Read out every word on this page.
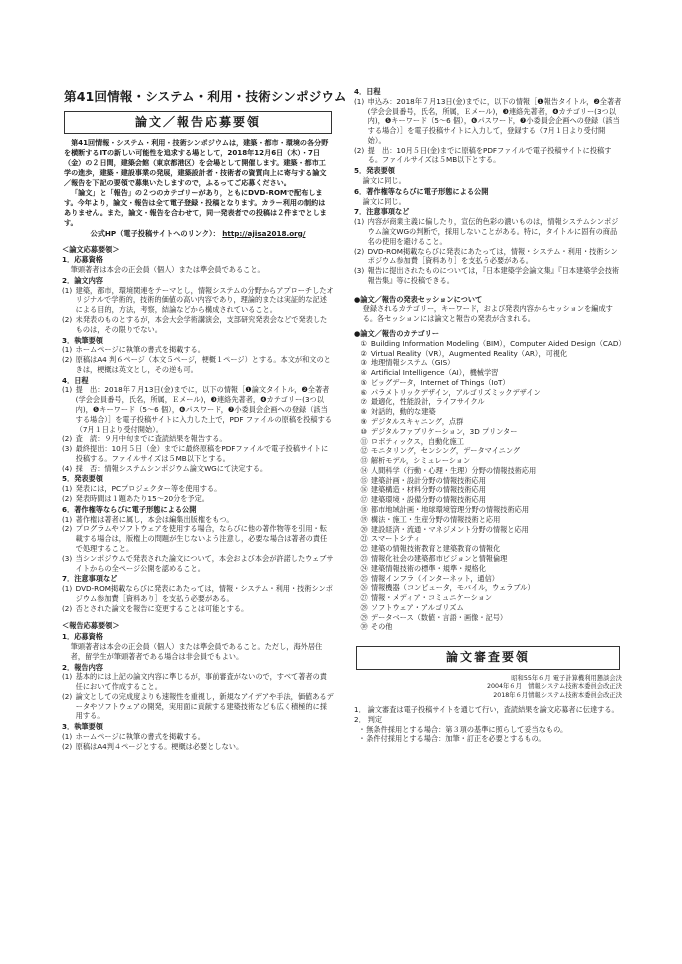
第41回情報・システム・利用・技術シンポジウム
論文／報告応募要領

第41回情報・システム・利用・技術シンポジウムは，建築・都市・環境の各分野を横断するITの新しい可能性を追求する場として，2018年12月6日（木）・7日（金）の２日間，建築会館（東京都港区）を会場として開催します。建築・都市工学の進歩，建築・建設事業の発展，建築設計者・技術者の資質向上に寄与する論文／報告を下記の要領で募集いたしますので，ふるってご応募ください。

「論文」と「報告」の２つのカテゴリーがあり，ともにDVD-ROMで配布します。今年より，論文・報告は全て電子登録・投稿となります。カラー利用の制約はありません。また，論文・報告を合わせて，同一発表者での投稿は２件までとします。

公式HP（電子投稿サイトへのリンク）： http://ajisa2018.org/
＜論文応募要領＞
1．応募資格
筆頭著者は本会の正会員（個人）または準会員であること。
2．論文内容
(1) 建築，都市，環境関連をテーマとし，情報システムの分野からアプローチしたオリジナルで学術的，技術的価値の高い内容であり，理論的または実証的な記述による目的，方法，考察，結論などから構成されていること。
(2) 未発表のものとするが，本会大会学術講演会，支部研究発表会などで発表したものは，その限りでない。
3．執筆要領
(1) ホームページに執筆の書式を掲載する。
(2) 原稿はA4 判６ページ（本文５ページ，梗概１ページ）とする。本文が和文のときは，梗概は英文とし，その逆も可。
4．日程
(1) 提　出：2018年７月13日(金)までに，以下の情報［❶論文タイトル，❷全著者(学会会員番号，氏名，所属，Ｅメール)，❸連絡先著者，❹カテゴリー(3つ以内)，❺キーワード（5～6 個），❻パスワード，❼小委員会企画への登録（該当する場合）］を電子投稿サイトに入力した上で，PDF ファイルの原稿を投稿する（7月１日より受付開始）。
(2) 査　読：９月中旬までに査読結果を報告する。
(3) 最終提出：10月５日（金）までに最終原稿をPDFファイルで電子投稿サイトに投稿する。ファイルサイズは５MB以下とする。
(4) 採　否：情報システムシンポジウム論文WGにて決定する。
5．発表要領
(1) 発表には，PCプロジェクター等を使用する。
(2) 発表時間は１題あたり15～20分を予定。
6．著作権等ならびに電子形態による公開
(1) 著作権は著者に属し，本会は編集出版権をもつ。
(2) プログラムやソフトウェアを使用する場合，ならびに他の著作物等を引用・転載する場合は，版権上の問題が生じないよう注意し，必要な場合は著者の責任で処理すること。
(3) 当シンポジウムで発表された論文について，本会および本会が許諾したウェブサイトからの全ページ公開を認めること。
7．注意事項など
(1) DVD-ROM掲載ならびに発表にあたっては，情報・システム・利用・技術シンポジウム参加費［資料あり］を支払う必要がある。
(2) 否とされた論文を報告に変更することは可能とする。
＜報告応募要領＞
1．応募資格
筆頭著者は本会の正会員（個人）または準会員であること。ただし，海外居住者，留学生が筆頭著者である場合は非会員でもよい。
2．報告内容
(1) 基本的には上記の論文内容に準じるが，事前審査がないので，すべて著者の責任において作成すること。
(2) 論文としての完成度よりも速報性を重視し，新規なアイデアや手法，価値あるデータやソフトウェアの開発，実用面に貢献する建築技術なども広く積極的に採用する。
3．執筆要領
(1) ホームページに執筆の書式を掲載する。
(2) 原稿はA4判４ページとする。梗概は必要としない。
4．日程
(1) 申込み：2018年７月13日(金)までに，以下の情報［❶報告タイトル，❷全著者(学会会員番号，氏名，所属，Ｅメール)，❸連絡先著者，❹カテゴリー(3つ以内)，❺キーワード（5～6 個），❻パスワード，❼小委員会企画への登録（該当する場合）］を電子投稿サイトに入力して，登録する（7月１日より受付開始）。
(2) 提　出：10月５日(金)までに原稿をPDFファイルで電子投稿サイトに投稿する。ファイルサイズは５MB以下とする。
5．発表要領
論文に同じ。
6．著作権等ならびに電子形態による公開
論文に同じ。
7．注意事項など
(1) 内容が商業主義に偏したり，宣伝的色彩の濃いものは，情報システムシンポジウム論文WGの判断で，採用しないことがある。特に，タイトルに固有の商品名の使用を避けること。
(2) DVD-ROM掲載ならびに発表にあたっては，情報・システム・利用・技術シンポジウム参加費［資料あり］を支払う必要がある。
(3) 報告に提出されたものについては，『日本建築学会論文集』『日本建築学会技術報告集』等に投稿できる。
●論文／報告の発表セッションについて
登録されるカテゴリー，キーワード，および発表内容からセッションを編成する。各セッションには論文と報告の発表が含まれる。
●論文／報告のカテゴリー
① Building Information Modeling（BIM），Computer Aided Design（CAD）
② Virtual Reality（VR），Augmented Reality（AR），可視化
③ 地理情報システム（GIS）
④ Artificial Intelligence（AI），機械学習
⑤ ビッグデータ，Internet of Things（IoT）
⑥ パラメトリックデザイン，アルゴリズミックデザイン
⑦ 最適化，性能設計，ライフサイクル
⑧ 対話的，動的な建築
⑨ デジタルスキャニング，点群
⑩ デジタルファブリケーション，3D プリンター
⑪ ロボティックス，自動化施工
⑫ モニタリング，センシング，データマイニング
⑬ 解析モデル，シミュレーション
⑭ 人間科学（行動・心理・生理）分野の情報技術応用
⑮ 建築計画・設計分野の情報技術応用
⑯ 建築構造・材料分野の情報技術応用
⑰ 建築環境・設備分野の情報技術応用
⑱ 都市地域計画・地球環境管理分野の情報技術応用
⑲ 構法・施工・生産分野の情報技術と応用
⑳ 建設経済・流通・マネジメント分野の情報と応用
㉑ スマートシティ
㉒ 建築の情報技術教育と建築教育の情報化
㉓ 情報化社会の建築都市ビジョンと情報倫理
㉔ 建築情報技術の標準・規準・規格化
㉕ 情報インフラ（インターネット，通信）
㉖ 情報機器（コンピュータ，モバイル，ウェラブル）
㉗ 情報・メディア・コミュニケーション
㉘ ソフトウェア・アルゴリズム
㉙ データベース（数値・言語・画像・記号）
㉚ その他
論文審査要領
昭和55年６月 電子計算機利用懇談会決
2004年６月　情報システム技術本委員会改正決
2018年６月情報システム技術本委員会改正決
1． 論文審査は電子投稿サイトを通じて行い，査読結果を論文応募者に伝達する。
2． 判定
・ 無条件採用とする場合：第３項の基準に照らして妥当なもの。
・ 条件付採用とする場合：加筆・訂正を必要とするもの。
